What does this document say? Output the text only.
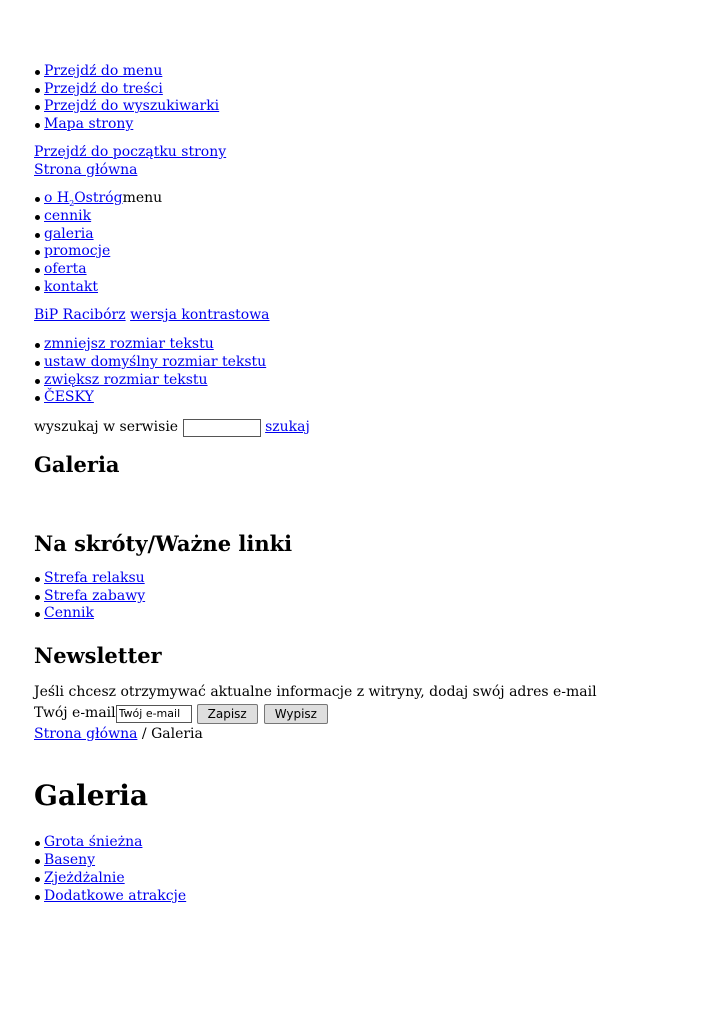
Przejdź do menu
Przejdź do treści
Przejdź do wyszukiwarki
Mapa strony
Przejdź do początku strony
Strona główna
o $H_2Ostrógmenu$
cennik
galeria
promocje
oferta
kontakt
BiP Racibórz wersja kontrastowa
zmniejsz rozmiar tekstu
ustaw domyślny rozmiar tekstu
zwiększ rozmiar tekstu
ČESKY
wyszukaj w serwisie	szukaj
Galeria
Na skróty/Ważne linki
Strefa relaksu
Strefa zabawy
Cennik
Newsletter
Jeśli chcesz otrzymywać aktualne informacje z witryny, dodaj swój adres e-mail
Twój e-mail
Twój e-mail	Zapisz	Wypisz
Strona główna / Galeria
Galeria
Grota śnieżna
Baseny
Zjeżdżalnie
Dodatkowe atrakcje
